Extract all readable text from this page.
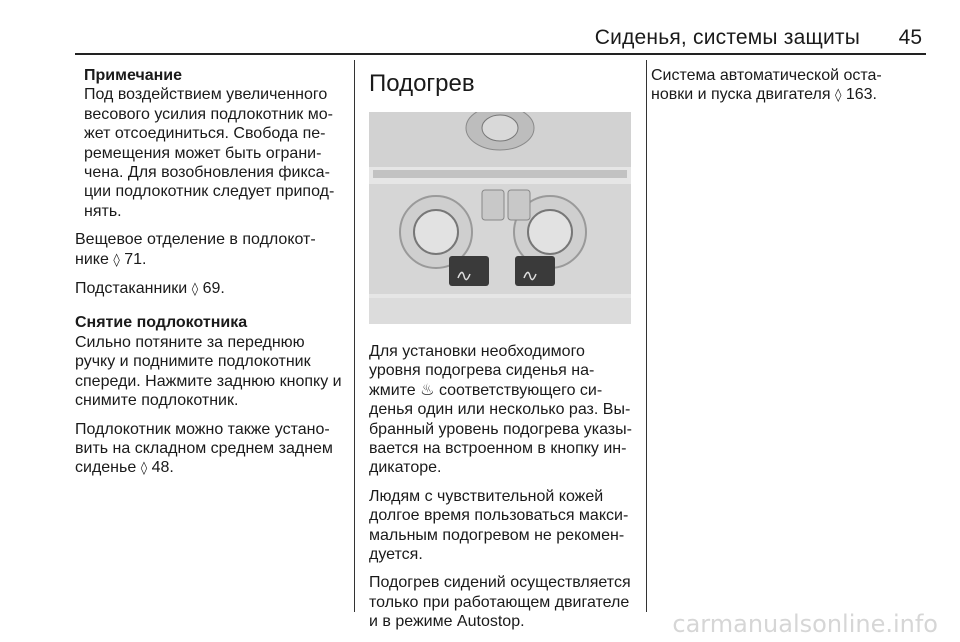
Сиденья, системы защиты 45
Примечание
Под воздействием увеличенного
весового усилия подлокотник мо-
жет отсоединиться. Свобода пе-
ремещения может быть ограни-
чена. Для возобновления фикса-
ции подлокотник следует припод-
нять.

Вещевое отделение в подлокот-
нике ◊ 71.

Подстаканники ◊ 69.

Снятие подлокотника

Сильно потяните за переднюю
ручку и поднимите подлокотник
спереди. Нажмите заднюю кнопку и
снимите подлокотник.

Подлокотник можно также устано-
вить на складном среднем заднем
сиденье ◊ 48.

Подогрев

Для установки необходимого
уровня подогрева сиденья на-
жмите ♨ соответствующего си-
денья один или несколько раз. Вы-
бранный уровень подогрева указы-
вается на встроенном в кнопку ин-
дикаторе.

Людям с чувствительной кожей
долгое время пользоваться макси-
мальным подогревом не рекомен-
дуется.

Подогрев сидений осуществляется
только при работающем двигателе
и в режиме Autostop.

Система автоматической оста-
новки и пуска двигателя ◊ 163.

carmanualsonline.info
